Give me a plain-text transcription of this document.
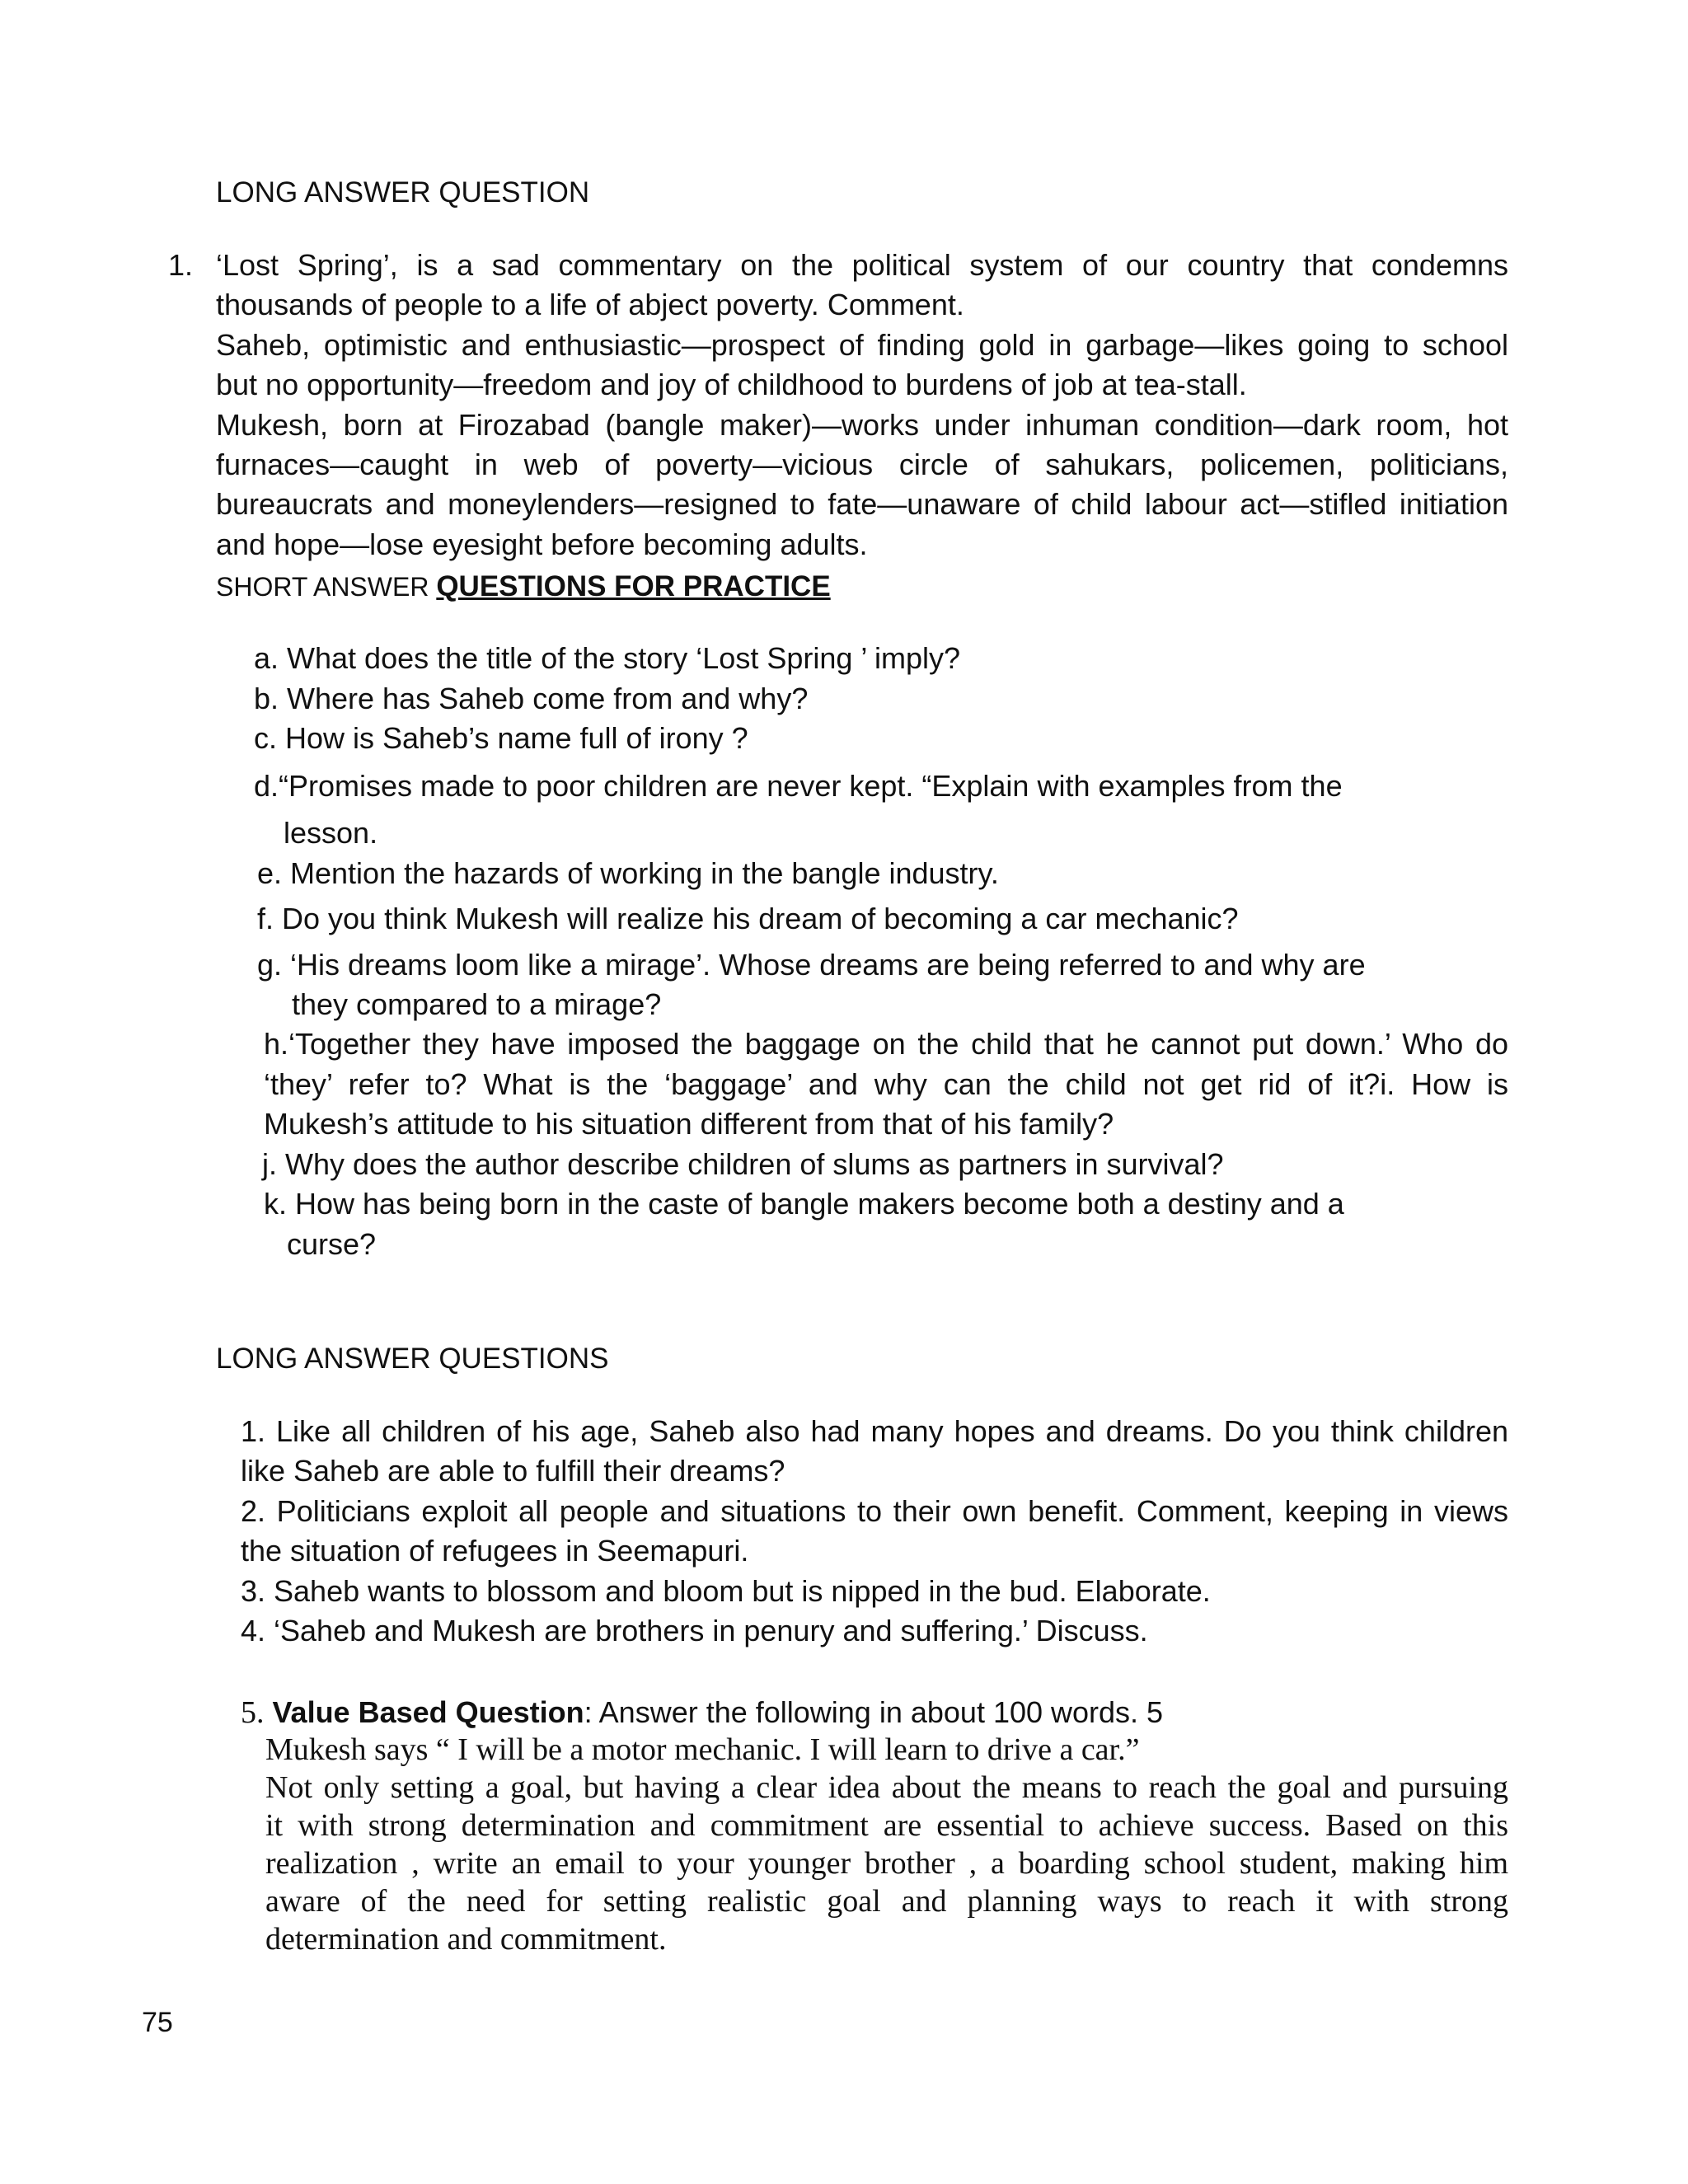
LONG ANSWER QUESTION
1. ‘Lost Spring’, is a sad commentary on the political system of our country that condemns
thousands of people to a life of abject poverty. Comment.
Saheb, optimistic and enthusiastic—prospect of finding gold in garbage—likes going to school
but no opportunity—freedom and joy of childhood to burdens of job at tea-stall.
Mukesh, born at Firozabad (bangle maker)—works under inhuman condition—dark room, hot
furnaces—caught in web of poverty—vicious circle of sahukars, policemen, politicians,
bureaucrats and moneylenders—resigned to fate—unaware of child labour act—stifled initiation
and hope—lose eyesight before becoming adults.
SHORT ANSWER QUESTIONS FOR PRACTICE
a. What does the title of the story ‘Lost Spring ’ imply?
b. Where has Saheb come from and why?
c. How is Saheb’s name full of irony ?
d.“Promises made to poor children are never kept. “Explain with examples from the
lesson.
e. Mention the hazards of working in the bangle industry.
f. Do you think Mukesh will realize his dream of becoming a car mechanic?
g. ‘His dreams loom like a mirage’. Whose dreams are being referred to and why are
they compared to a mirage?
h.‘Together they have imposed the baggage on the child that he cannot put down.’ Who do
‘they’ refer to? What is the ‘baggage’ and why can the child not get rid of it?i. How is
Mukesh’s attitude to his situation different from that of his family?
j. Why does the author describe children of slums as partners in survival?
k. How has being born in the caste of bangle makers become both a destiny and a
curse?
LONG ANSWER QUESTIONS
1. Like all children of his age, Saheb also had many hopes and dreams. Do you think children
like Saheb are able to fulfill their dreams?
2. Politicians exploit all people and situations to their own benefit. Comment, keeping in views
the situation of refugees in Seemapuri.
3. Saheb wants to blossom and bloom but is nipped in the bud. Elaborate.
4. ‘Saheb and Mukesh are brothers in penury and suffering.’ Discuss.
5. Value Based Question: Answer the following in about 100 words. 5
Mukesh says “ I will be a motor mechanic. I will learn to drive a car.”
Not only setting a goal, but having a clear idea about the means to reach the goal and pursuing
it with strong determination and commitment are essential to achieve success. Based on this
realization , write an email to your younger brother , a boarding school student, making him
aware of the need for setting realistic goal and planning ways to reach it with strong
determination and commitment.
75
